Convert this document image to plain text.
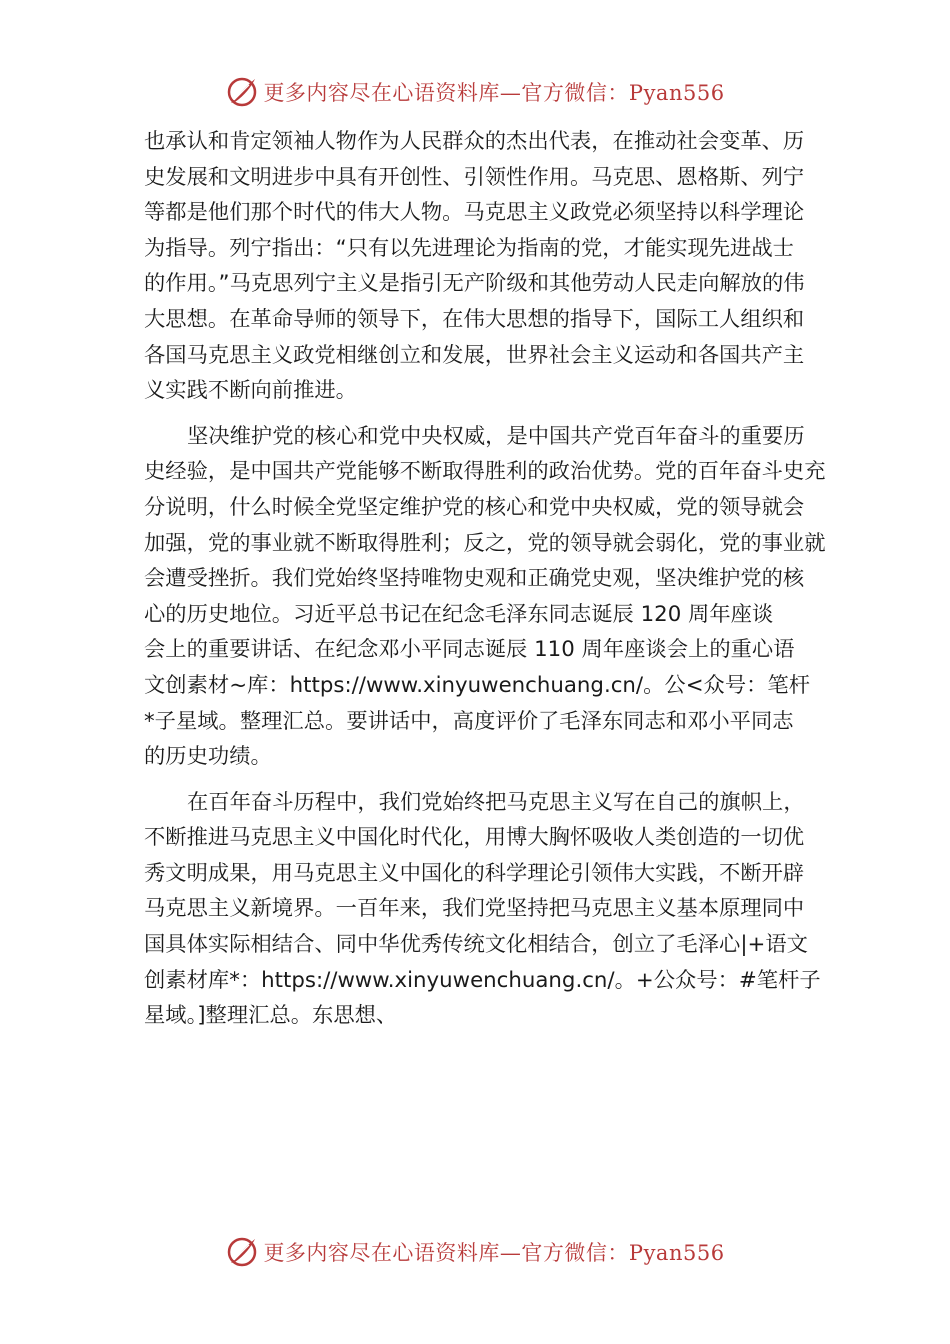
更多内容尽在心语资料库—官方微信：Pyan556
也承认和肯定领袖人物作为人民群众的杰出代表，在推动社会变革、历
史发展和文明进步中具有开创性、引领性作用。马克思、恩格斯、列宁
等都是他们那个时代的伟大人物。马克思主义政党必须坚持以科学理论
为指导。列宁指出：“只有以先进理论为指南的党，才能实现先进战士
的作用。”马克思列宁主义是指引无产阶级和其他劳动人民走向解放的伟
大思想。在革命导师的领导下，在伟大思想的指导下，国际工人组织和
各国马克思主义政党相继创立和发展，世界社会主义运动和各国共产主
义实践不断向前推进。
坚决维护党的核心和党中央权威，是中国共产党百年奋斗的重要历
史经验，是中国共产党能够不断取得胜利的政治优势。党的百年奋斗史充
分说明，什么时候全党坚定维护党的核心和党中央权威，党的领导就会
加强，党的事业就不断取得胜利；反之，党的领导就会弱化，党的事业就
会遭受挫折。我们党始终坚持唯物史观和正确党史观，坚决维护党的核
心的历史地位。习近平总书记在纪念毛泽东同志诞辰 120 周年座谈
会上的重要讲话、在纪念邓小平同志诞辰 110 周年座谈会上的重心语
文创素材~库：https://www.xinyuwenchuang.cn/。公<众号：笔杆
*子星域。整理汇总。要讲话中，高度评价了毛泽东同志和邓小平同志
的历史功绩。
在百年奋斗历程中，我们党始终把马克思主义写在自己的旗帜上，
不断推进马克思主义中国化时代化，用博大胸怀吸收人类创造的一切优
秀文明成果，用马克思主义中国化的科学理论引领伟大实践，不断开辟
马克思主义新境界。一百年来，我们党坚持把马克思主义基本原理同中
国具体实际相结合、同中华优秀传统文化相结合，创立了毛泽心|+语文
创素材库*：https://www.xinyuwenchuang.cn/。+公众号：#笔杆子
星域。]整理汇总。东思想、
更多内容尽在心语资料库—官方微信：Pyan556
